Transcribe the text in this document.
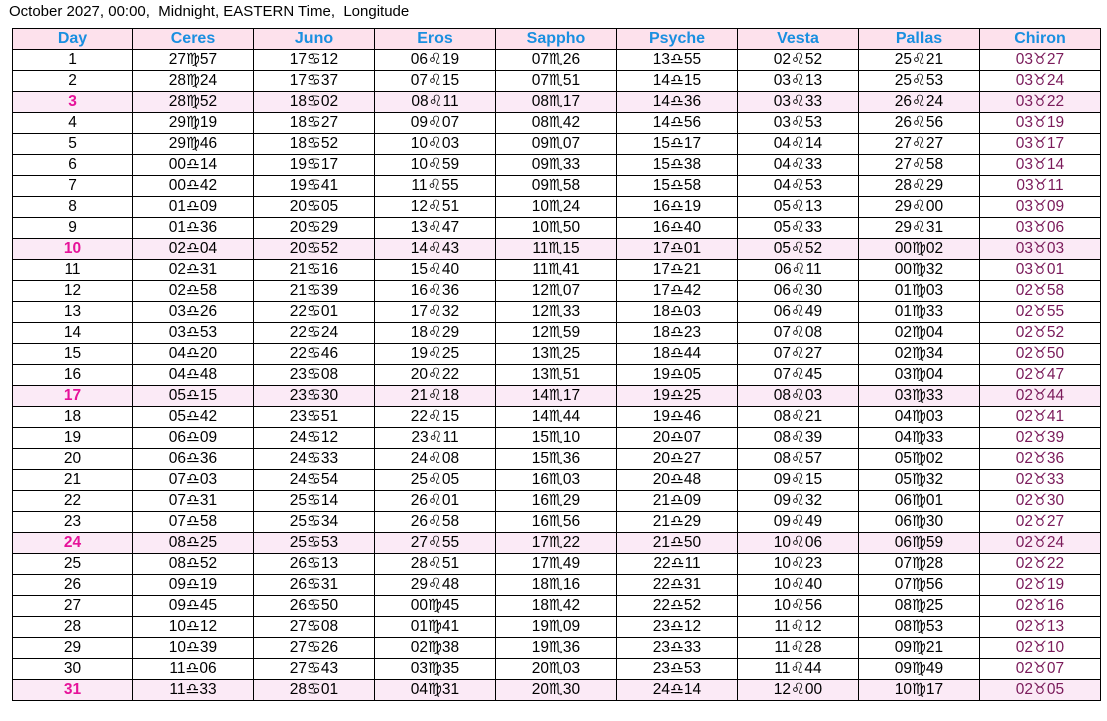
October 2027, 00:00,  Midnight, EASTERN Time,  Longitude
Day	Ceres	Juno	Eros	Sappho	Psyche	Vesta	Pallas	Chiron
1	27♍57	17♋12	06♌19	07♏26	13♎55	02♌52	25♌21	03♉27
2	28♍24	17♋37	07♌15	07♏51	14♎15	03♌13	25♌53	03♉24
3	28♍52	18♋02	08♌11	08♏17	14♎36	03♌33	26♌24	03♉22
4	29♍19	18♋27	09♌07	08♏42	14♎56	03♌53	26♌56	03♉19
5	29♍46	18♋52	10♌03	09♏07	15♎17	04♌14	27♌27	03♉17
6	00♎14	19♋17	10♌59	09♏33	15♎38	04♌33	27♌58	03♉14
7	00♎42	19♋41	11♌55	09♏58	15♎58	04♌53	28♌29	03♉11
8	01♎09	20♋05	12♌51	10♏24	16♎19	05♌13	29♌00	03♉09
9	01♎36	20♋29	13♌47	10♏50	16♎40	05♌33	29♌31	03♉06
10	02♎04	20♋52	14♌43	11♏15	17♎01	05♌52	00♍02	03♉03
11	02♎31	21♋16	15♌40	11♏41	17♎21	06♌11	00♍32	03♉01
12	02♎58	21♋39	16♌36	12♏07	17♎42	06♌30	01♍03	02♉58
13	03♎26	22♋01	17♌32	12♏33	18♎03	06♌49	01♍33	02♉55
14	03♎53	22♋24	18♌29	12♏59	18♎23	07♌08	02♍04	02♉52
15	04♎20	22♋46	19♌25	13♏25	18♎44	07♌27	02♍34	02♉50
16	04♎48	23♋08	20♌22	13♏51	19♎05	07♌45	03♍04	02♉47
17	05♎15	23♋30	21♌18	14♏17	19♎25	08♌03	03♍33	02♉44
18	05♎42	23♋51	22♌15	14♏44	19♎46	08♌21	04♍03	02♉41
19	06♎09	24♋12	23♌11	15♏10	20♎07	08♌39	04♍33	02♉39
20	06♎36	24♋33	24♌08	15♏36	20♎27	08♌57	05♍02	02♉36
21	07♎03	24♋54	25♌05	16♏03	20♎48	09♌15	05♍32	02♉33
22	07♎31	25♋14	26♌01	16♏29	21♎09	09♌32	06♍01	02♉30
23	07♎58	25♋34	26♌58	16♏56	21♎29	09♌49	06♍30	02♉27
24	08♎25	25♋53	27♌55	17♏22	21♎50	10♌06	06♍59	02♉24
25	08♎52	26♋13	28♌51	17♏49	22♎11	10♌23	07♍28	02♉22
26	09♎19	26♋31	29♌48	18♏16	22♎31	10♌40	07♍56	02♉19
27	09♎45	26♋50	00♍45	18♏42	22♎52	10♌56	08♍25	02♉16
28	10♎12	27♋08	01♍41	19♏09	23♎12	11♌12	08♍53	02♉13
29	10♎39	27♋26	02♍38	19♏36	23♎33	11♌28	09♍21	02♉10
30	11♎06	27♋43	03♍35	20♏03	23♎53	11♌44	09♍49	02♉07
31	11♎33	28♋01	04♍31	20♏30	24♎14	12♌00	10♍17	02♉05
